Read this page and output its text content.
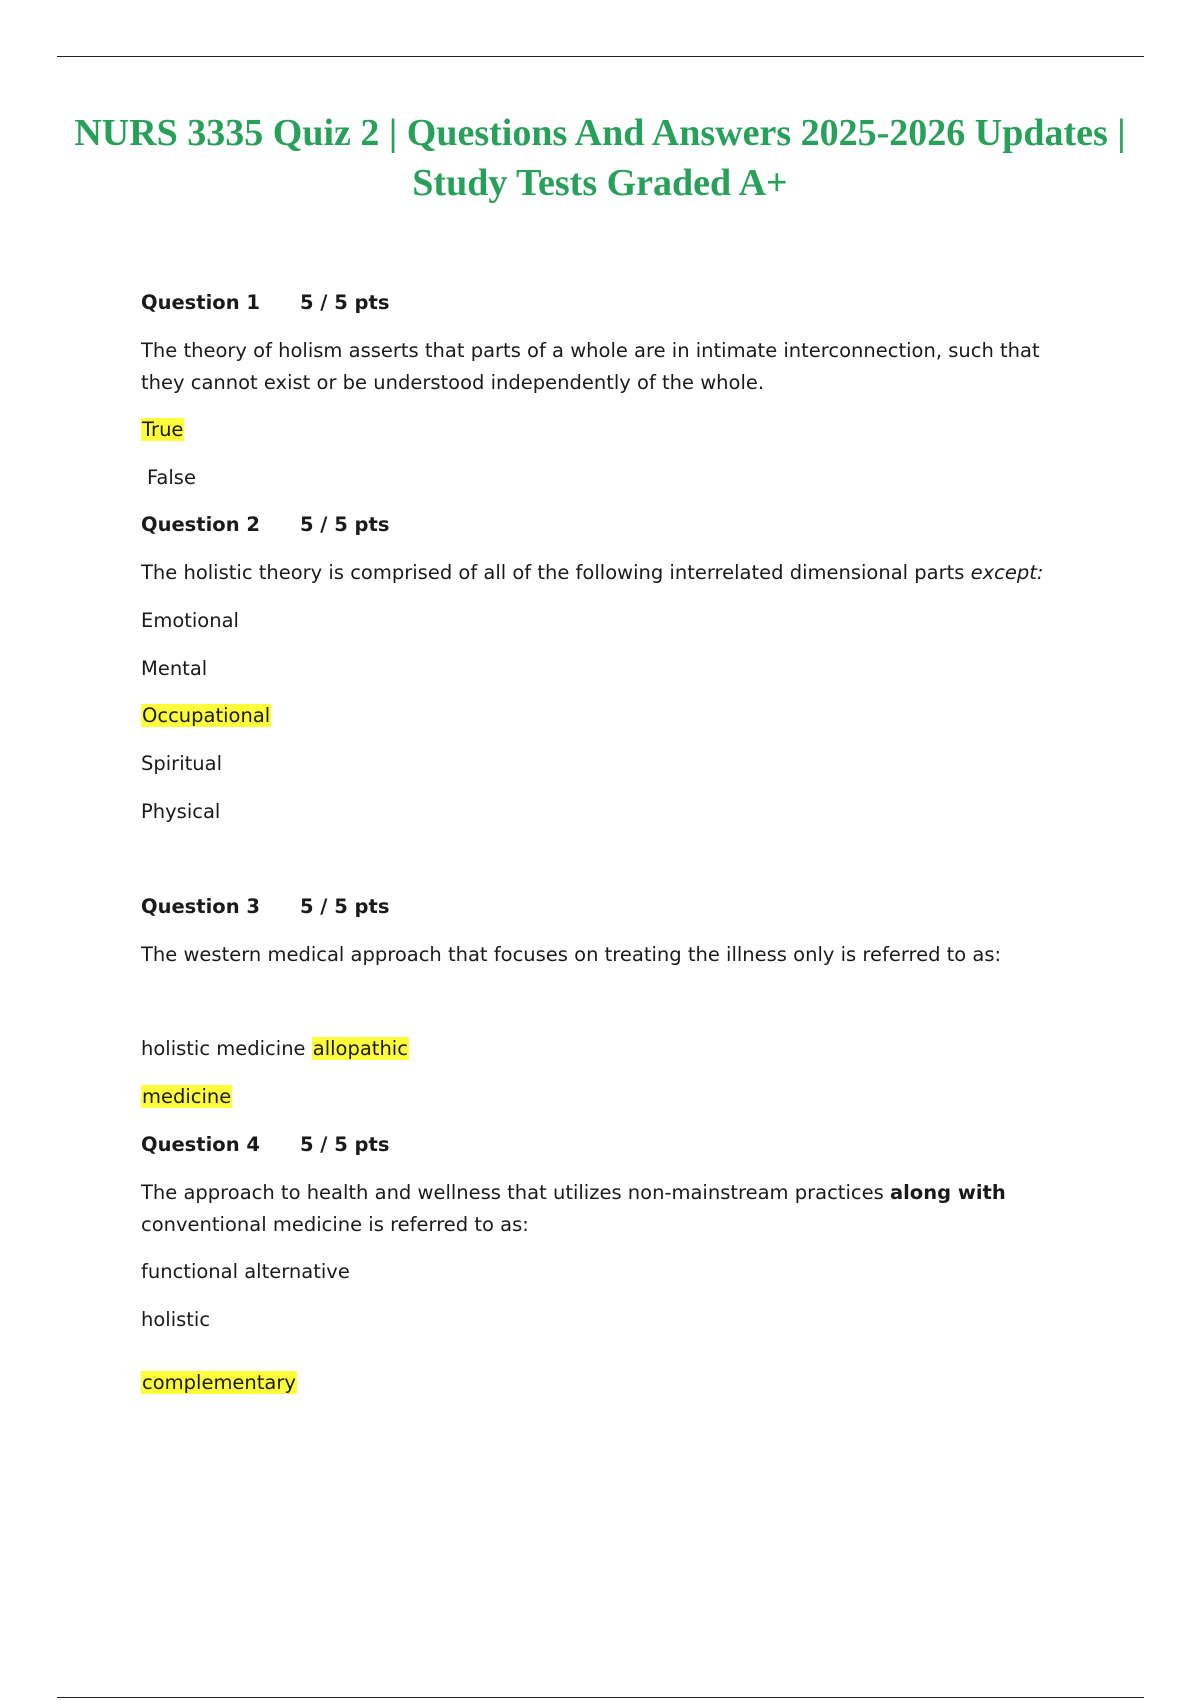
NURS 3335 Quiz 2 | Questions And Answers 2025-2026 Updates |
Study Tests Graded A+
Question 1 5 / 5 pts
The theory of holism asserts that parts of a whole are in intimate interconnection, such that
they cannot exist or be understood independently of the whole.
True
False
Question 2 5 / 5 pts
The holistic theory is comprised of all of the following interrelated dimensional parts except:
Emotional
Mental
Occupational
Spiritual
Physical
Question 3 5 / 5 pts
The western medical approach that focuses on treating the illness only is referred to as:
holistic medicine allopathic
medicine
Question 4 5 / 5 pts
The approach to health and wellness that utilizes non-mainstream practices along with
conventional medicine is referred to as:
functional alternative
holistic
complementary
